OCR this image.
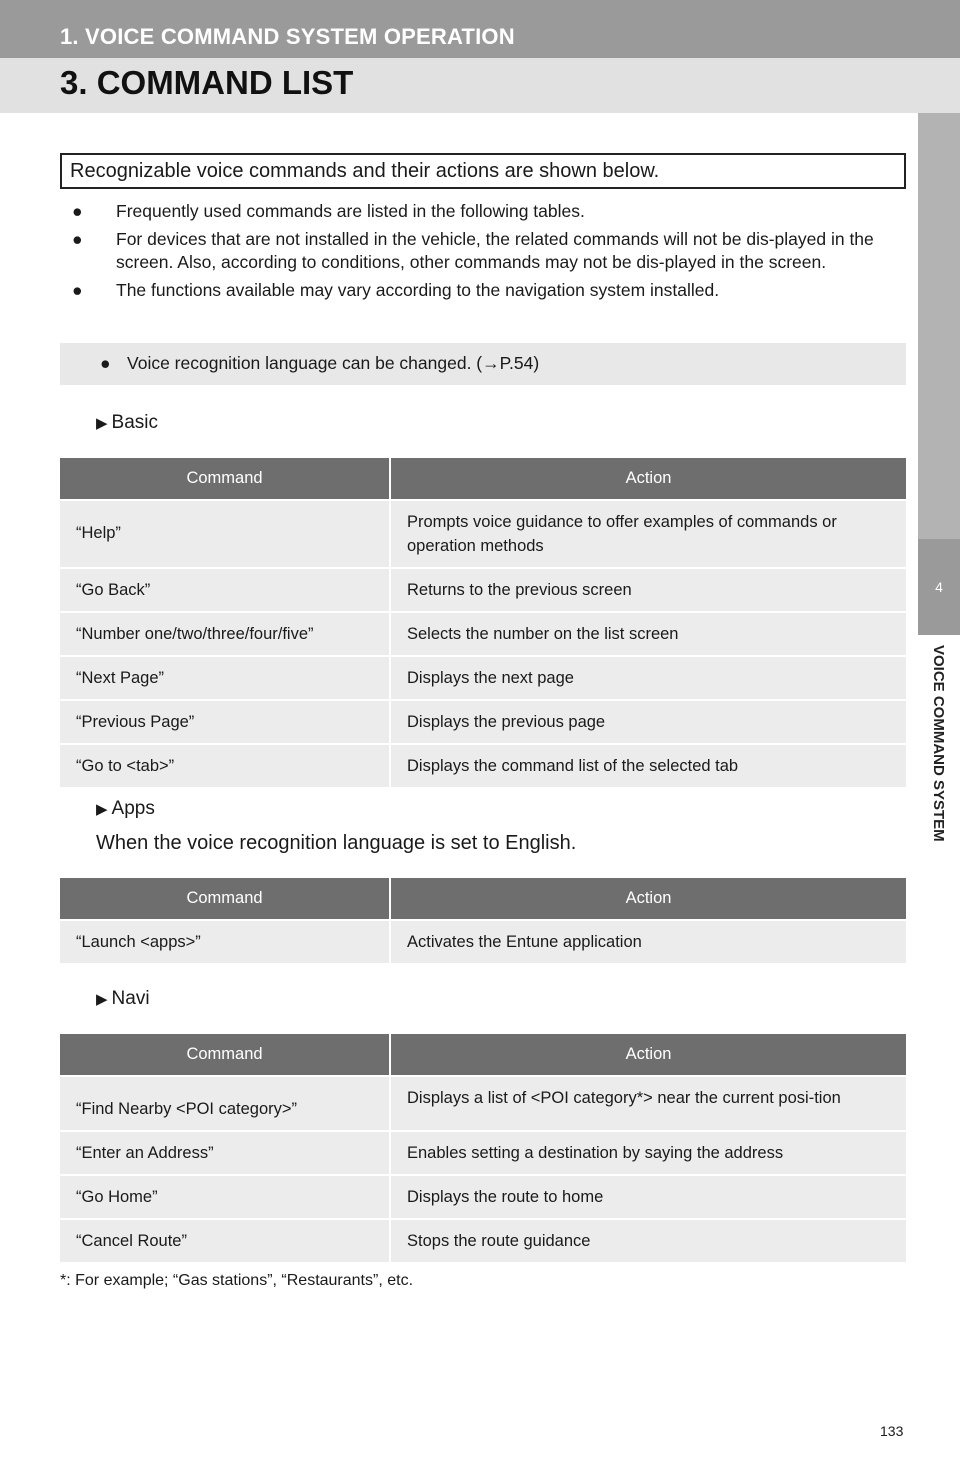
1. VOICE COMMAND SYSTEM OPERATION
3. COMMAND LIST
4
VOICE COMMAND SYSTEM
Recognizable voice commands and their actions are shown below.
● Frequently used commands are listed in the following tables.
● For devices that are not installed in the vehicle, the related commands will not be dis-played in the screen. Also, according to conditions, other commands may not be dis-played in the screen.
● The functions available may vary according to the navigation system installed.
● Voice recognition language can be changed. (→P.54)
▶ Basic
Command	Action
“Help”	Prompts voice guidance to offer examples of commands or operation methods
“Go Back”	Returns to the previous screen
“Number one/two/three/four/five”	Selects the number on the list screen
“Next Page”	Displays the next page
“Previous Page”	Displays the previous page
“Go to <tab>”	Displays the command list of the selected tab
▶ Apps
When the voice recognition language is set to English.
Command	Action
“Launch <apps>”	Activates the Entune application
▶ Navi
Command	Action
“Find Nearby <POI category>”	Displays a list of <POI category*> near the current posi-tion
“Enter an Address”	Enables setting a destination by saying the address
“Go Home”	Displays the route to home
“Cancel Route”	Stops the route guidance
*: For example; “Gas stations”, “Restaurants”, etc.
133
